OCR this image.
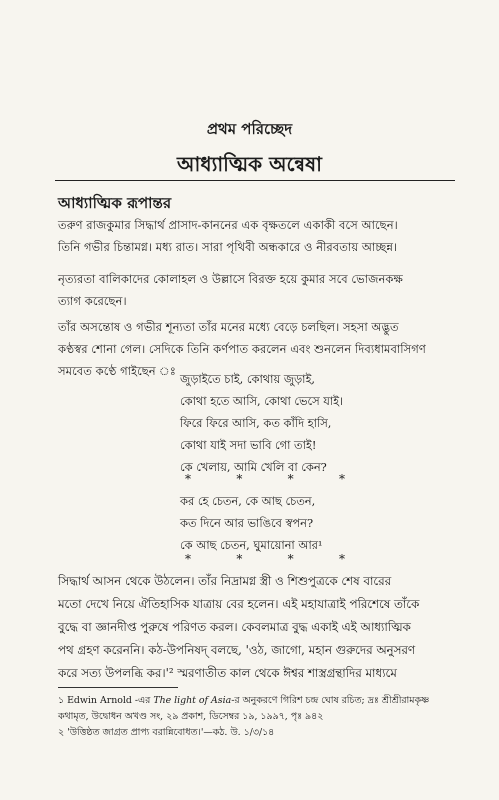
প্রথম পরিচ্ছেদ
আধ্যাত্মিক অন্বেষা
আধ্যাত্মিক রূপান্তর
তরুণ রাজকুমার সিদ্ধার্থ প্রাসাদ-কাননের এক বৃক্ষতলে একাকী বসে আছেন।
তিনি গভীর চিন্তামগ্ন। মধ্য রাত। সারা পৃথিবী অন্ধকারে ও নীরবতায় আচ্ছন্ন।
নৃত্যরতা বালিকাদের কোলাহল ও উল্লাসে বিরক্ত হয়ে কুমার সবে ভোজনকক্ষ
ত্যাগ করেছেন।
তাঁর অসন্তোষ ও গভীর শূন্যতা তাঁর মনের মধ্যে বেড়ে চলছিল। সহসা অদ্ভুত
কণ্ঠস্বর শোনা গেল। সেদিকে তিনি কর্ণপাত করলেন এবং শুনলেন দিব্যধামবাসিগণ
সমবেত কণ্ঠে গাইছেন ঃ
জুড়াইতে চাই, কোথায় জুড়াই,
কোথা হতে আসি, কোথা ভেসে যাই।
ফিরে ফিরে আসি, কত কাঁদি হাসি,
কোথা যাই সদা ভাবি গো তাই!
কে খেলায়, আমি খেলি বা কেন?
*	*	*	*
কর হে চেতন, কে আছ চেতন,
কত দিনে আর ভাঙিবে স্বপন?
কে আছ চেতন, ঘুমায়োনা আর¹
*	*	*	*
সিদ্ধার্থ আসন থেকে উঠলেন। তাঁর নিদ্রামগ্ন স্ত্রী ও শিশুপুত্রকে শেষ বারের
মতো দেখে নিয়ে ঐতিহাসিক যাত্রায় বের হলেন। এই মহাযাত্রাই পরিশেষে তাঁকে
বুদ্ধে বা জ্ঞানদীপ্ত পুরুষে পরিণত করল। কেবলমাত্র বুদ্ধ একাই এই আধ্যাত্মিক
পথ গ্রহণ করেননি। কঠ-উপনিষদ্ বলছে, 'ওঠ, জাগো, মহান গুরুদের অনুসরণ
করে সত্য উপলব্ধি কর।'² স্মরণাতীত কাল থেকে ঈশ্বর শাস্ত্রগ্রন্থাদির মাধ্যমে
১ Edwin Arnold -এর The light of Asia-র অনুকরণে গিরিশ চন্দ্র ঘোষ রচিত; দ্রঃ শ্রীশ্রীরামকৃষ্ণ
কথামৃত, উদ্বোধন অখণ্ড সং, ২৯ প্রকাশ, ডিসেম্বর ১৯, ১৯৯৭, পৃঃ ৯৪২
২ 'উত্তিষ্ঠত জাগ্রত প্রাপ্য বরান্নিবোধত।'—কঠ. উ. ১/৩/১৪
